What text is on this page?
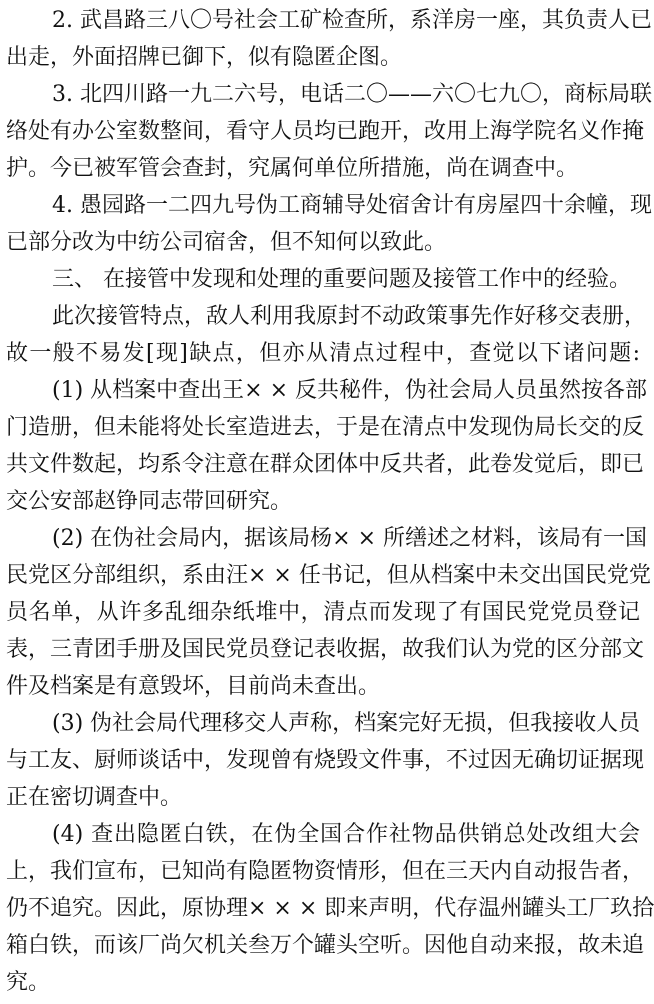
2. 武昌路三八〇号社会工矿检查所，系洋房一座，其负责人已
出走，外面招牌已御下，似有隐匿企图。
3. 北四川路一九二六号，电话二〇——六〇七九〇，商标局联
络处有办公室数整间，看守人员均已跑开，改用上海学院名义作掩
护。今已被军管会查封，究属何单位所措施，尚在调查中。
4. 愚园路一二四九号伪工商辅导处宿舍计有房屋四十余幢，现
已部分改为中纺公司宿舍，但不知何以致此。
三、 在接管中发现和处理的重要问题及接管工作中的经验。
此次接管特点，敌人利用我原封不动政策事先作好移交表册，
故一般不易发[现]缺点，但亦从清点过程中，查觉以下诸问题:
(1) 从档案中查出王× × 反共秘件，伪社会局人员虽然按各部
门造册，但未能将处长室造进去，于是在清点中发现伪局长交的反
共文件数起，均系令注意在群众团体中反共者，此卷发觉后，即已
交公安部赵铮同志带回研究。
(2) 在伪社会局内，据该局杨× × 所缮述之材料，该局有一国
民党区分部组织，系由汪× × 任书记，但从档案中未交出国民党党
员名单，从许多乱细杂纸堆中，清点而发现了有国民党党员登记
表，三青团手册及国民党员登记表收据，故我们认为党的区分部文
件及档案是有意毁坏，目前尚未查出。
(3) 伪社会局代理移交人声称，档案完好无损，但我接收人员
与工友、厨师谈话中，发现曾有烧毁文件事，不过因无确切证据现
正在密切调查中。
(4) 查出隐匿白铁，在伪全国合作社物品供销总处改组大会
上，我们宣布，已知尚有隐匿物资情形，但在三天内自动报告者，
仍不追究。因此，原协理× × × 即来声明，代存温州罐头工厂玖拾
箱白铁，而该厂尚欠机关叁万个罐头空听。因他自动来报，故未追
究。
